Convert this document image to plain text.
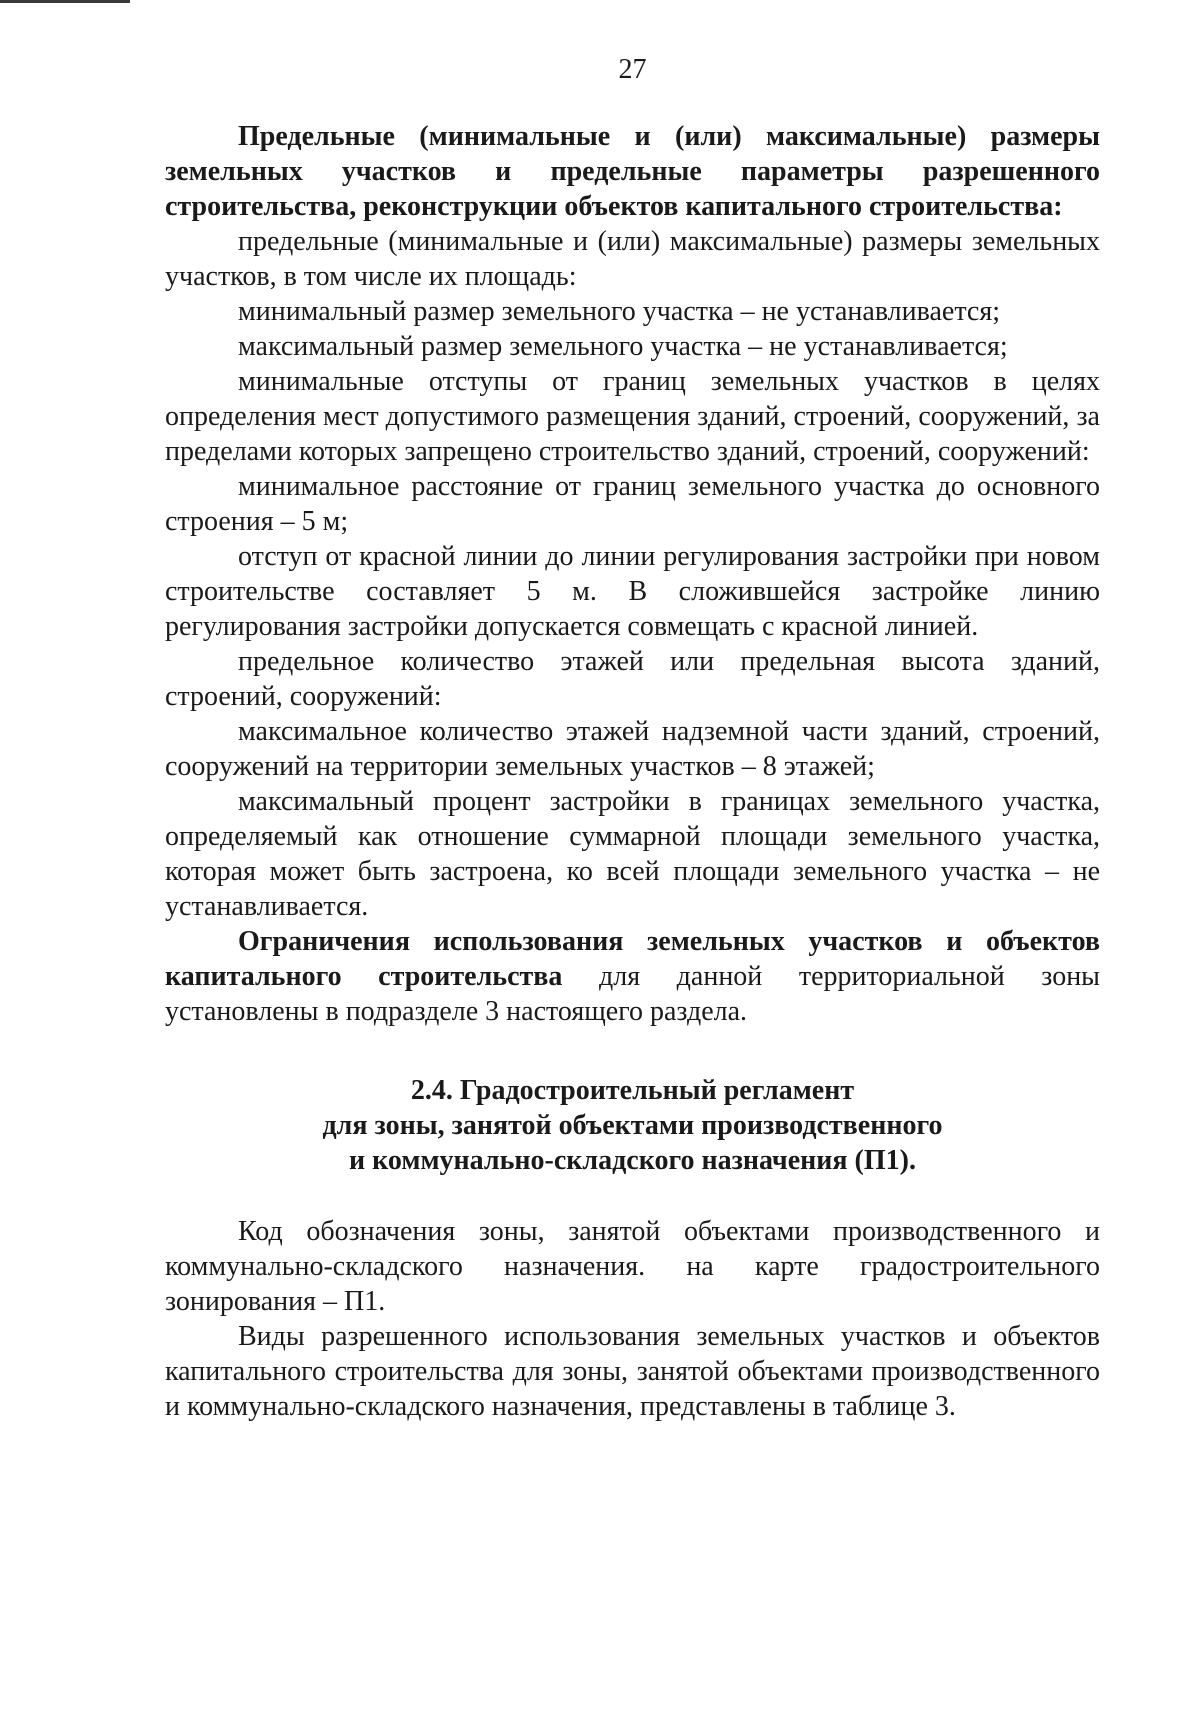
27

Предельные (минимальные и (или) максимальные) размеры земельных участков и предельные параметры разрешенного строительства, реконструкции объектов капитального строительства:

предельные (минимальные и (или) максимальные) размеры земельных участков, в том числе их площадь:

минимальный размер земельного участка – не устанавливается;

максимальный размер земельного участка – не устанавливается;

минимальные отступы от границ земельных участков в целях определения мест допустимого размещения зданий, строений, сооружений, за пределами которых запрещено строительство зданий, строений, сооружений:

минимальное расстояние от границ земельного участка до основного строения – 5 м;

отступ от красной линии до линии регулирования застройки при новом строительстве составляет 5 м. В сложившейся застройке линию регулирования застройки допускается совмещать с красной линией.

предельное количество этажей или предельная высота зданий, строений, сооружений:

максимальное количество этажей надземной части зданий, строений, сооружений на территории земельных участков – 8 этажей;

максимальный процент застройки в границах земельного участка, определяемый как отношение суммарной площади земельного участка, которая может быть застроена, ко всей площади земельного участка – не устанавливается.

Ограничения использования земельных участков и объектов капитального строительства для данной территориальной зоны установлены в подразделе 3 настоящего раздела.

2.4. Градостроительный регламент
для зоны, занятой объектами производственного
и коммунально-складского назначения (П1).

Код обозначения зоны, занятой объектами производственного и коммунально-складского назначения. на карте градостроительного зонирования – П1.

Виды разрешенного использования земельных участков и объектов капитального строительства для зоны, занятой объектами производственного и коммунально-складского назначения, представлены в таблице 3.
